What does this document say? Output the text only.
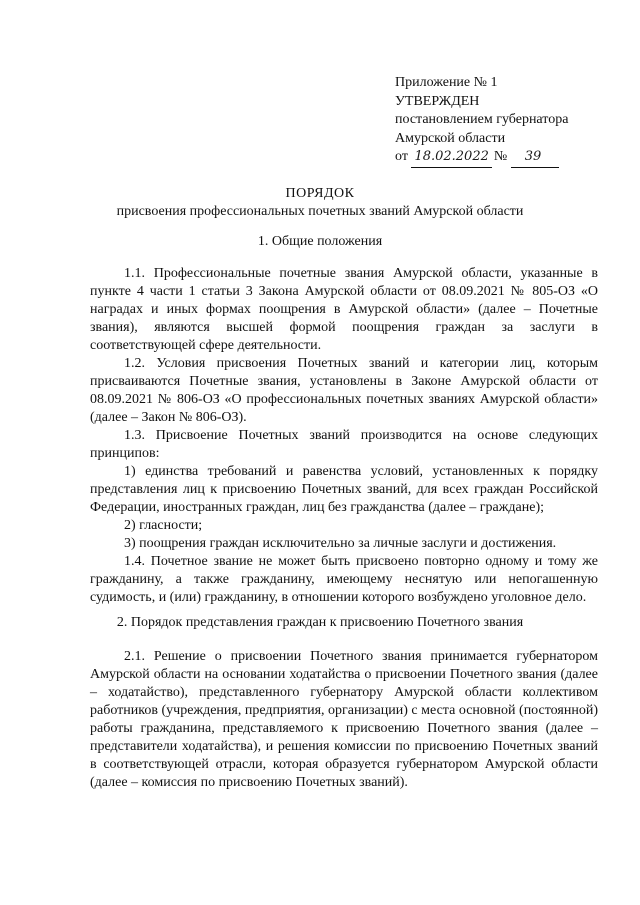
Приложение № 1
УТВЕРЖДЕН
постановлением губернатора
Амурской области
от 18.02.2022 № 39
ПОРЯДОК
присвоения профессиональных почетных званий Амурской области
1. Общие положения

1.1. Профессиональные почетные звания Амурской области, указанные в пункте 4 части 1 статьи 3 Закона Амурской области от 08.09.2021 № 805-ОЗ «О наградах и иных формах поощрения в Амурской области» (далее – Почетные звания), являются высшей формой поощрения граждан за заслуги в соответствующей сфере деятельности.

1.2. Условия присвоения Почетных званий и категории лиц, которым присваиваются Почетные звания, установлены в Законе Амурской области от 08.09.2021 № 806-ОЗ «О профессиональных почетных званиях Амурской области» (далее – Закон № 806-ОЗ).

1.3. Присвоение Почетных званий производится на основе следующих принципов:

1) единства требований и равенства условий, установленных к порядку представления лиц к присвоению Почетных званий, для всех граждан Российской Федерации, иностранных граждан, лиц без гражданства (далее – граждане);

2) гласности;

3) поощрения граждан исключительно за личные заслуги и достижения.

1.4. Почетное звание не может быть присвоено повторно одному и тому же гражданину, а также гражданину, имеющему неснятую или непогашенную судимость, и (или) гражданину, в отношении которого возбуждено уголовное дело.

2. Порядок представления граждан к присвоению Почетного звания

2.1. Решение о присвоении Почетного звания принимается губернатором Амурской области на основании ходатайства о присвоении Почетного звания (далее – ходатайство), представленного губернатору Амурской области коллективом работников (учреждения, предприятия, организации) с места основной (постоянной) работы гражданина, представляемого к присвоению Почетного звания (далее – представители ходатайства), и решения комиссии по присвоению Почетных званий в соответствующей отрасли, которая образуется губернатором Амурской области (далее – комиссия по присвоению Почетных званий).
